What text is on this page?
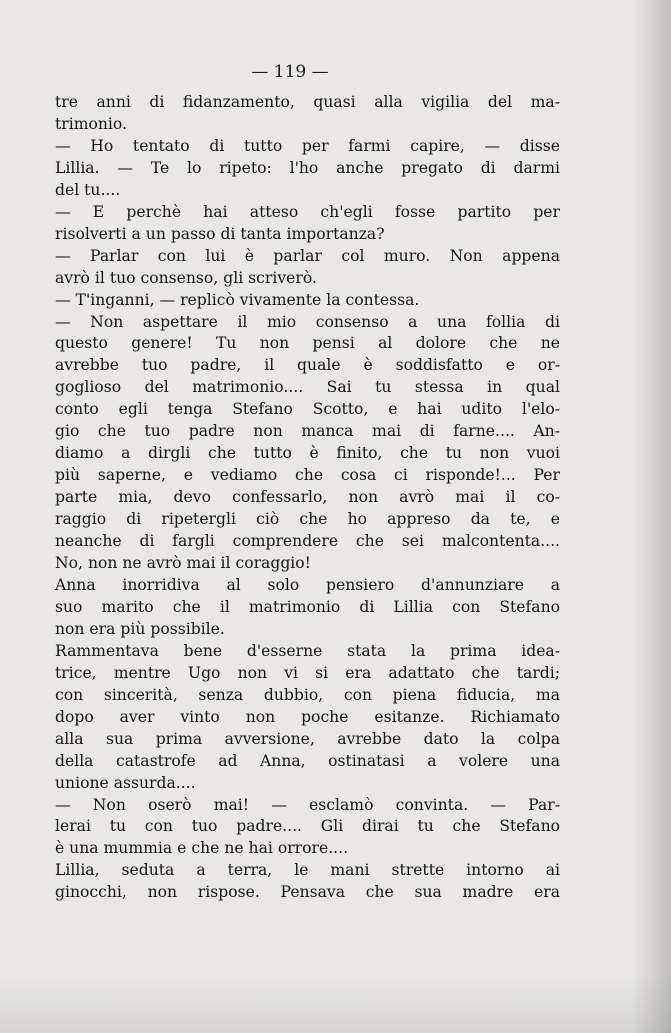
— 119 —
tre anni di fidanzamento, quasi alla vigilia del ma-
trimonio.
— Ho tentato di tutto per farmi capire, — disse
Lillia. — Te lo ripeto: l'ho anche pregato di darmi
del tu....
— E perchè hai atteso ch'egli fosse partito per
risolverti a un passo di tanta importanza?
— Parlar con lui è parlar col muro. Non appena
avrò il tuo consenso, gli scriverò.
— T'inganni, — replicò vivamente la contessa.
— Non aspettare il mio consenso a una follia di
questo genere! Tu non pensi al dolore che ne
avrebbe tuo padre, il quale è soddisfatto e or-
goglioso del matrimonio.... Sai tu stessa in qual
conto egli tenga Stefano Scotto, e hai udito l'elo-
gio che tuo padre non manca mai di farne.... An-
diamo a dirgli che tutto è finito, che tu non vuoi
più saperne, e vediamo che cosa ci risponde!... Per
parte mia, devo confessarlo, non avrò mai il co-
raggio di ripetergli ciò che ho appreso da te, e
neanche di fargli comprendere che sei malcontenta....
No, non ne avrò mai il coraggio!
Anna inorridiva al solo pensiero d'annunziare a
suo marito che il matrimonio di Lillia con Stefano
non era più possibile.
Rammentava bene d'esserne stata la prima idea-
trice, mentre Ugo non vi si era adattato che tardi;
con sincerità, senza dubbio, con piena fiducia, ma
dopo aver vinto non poche esitanze. Richiamato
alla sua prima avversione, avrebbe dato la colpa
della catastrofe ad Anna, ostinatasi a volere una
unione assurda....
— Non oserò mai! — esclamò convinta. — Par-
lerai tu con tuo padre.... Gli dirai tu che Stefano
è una mummia e che ne hai orrore....
Lillia, seduta a terra, le mani strette intorno ai
ginocchi, non rispose. Pensava che sua madre era
